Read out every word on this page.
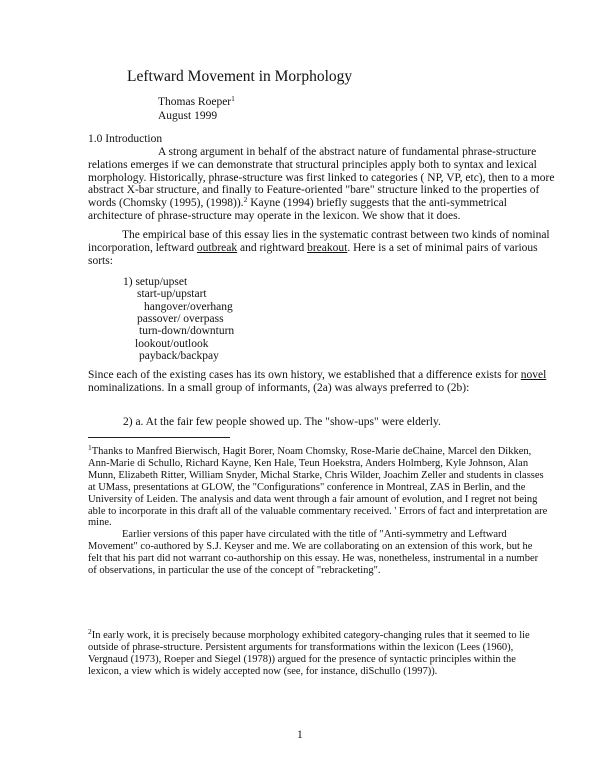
Leftward Movement in Morphology
Thomas Roeper$^1$
August 1999
1.0 Introduction

A strong argument in behalf of the abstract nature of fundamental phrase-structure relations emerges if we can demonstrate that structural principles apply both to syntax and lexical morphology. Historically, phrase-structure was first linked to categories ( NP, VP, etc), then to a more abstract X-bar structure, and finally to Feature-oriented "bare" structure linked to the properties of words (Chomsky (1995), (1998)).$^2$ Kayne (1994) briefly suggests that the anti-symmetrical architecture of phrase-structure may operate in the lexicon. We show that it does.

The empirical base of this essay lies in the systematic contrast between two kinds of nominal incorporation, leftward outbreak and rightward breakout. Here is a set of minimal pairs of various sorts:

1) setup/upset
start-up/upstart
hangover/overhang
passover/ overpass
turn-down/downturn
lookout/outlook
payback/backpay

Since each of the existing cases has its own history, we established that a difference exists for novel nominalizations. In a small group of informants, (2a) was always preferred to (2b):

2) a. At the fair few people showed up. The "show-ups" were elderly.

$^1$Thanks to Manfred Bierwisch, Hagit Borer, Noam Chomsky, Rose-Marie deChaine, Marcel den Dikken, Ann-Marie di Schullo, Richard Kayne, Ken Hale, Teun Hoekstra, Anders Holmberg, Kyle Johnson, Alan Munn, Elizabeth Ritter, William Snyder, Michal Starke, Chris Wilder, Joachim Zeller and students in classes at UMass, presentations at GLOW, the "Configurations" conference in Montreal, ZAS in Berlin, and the University of Leiden. The analysis and data went through a fair amount of evolution, and I regret not being able to incorporate in this draft all of the valuable commentary received. ' Errors of fact and interpretation are mine.

Earlier versions of this paper have circulated with the title of "Anti-symmetry and Leftward Movement" co-authored by S.J. Keyser and me. We are collaborating on an extension of this work, but he felt that his part did not warrant co-authorship on this essay. He was, nonetheless, instrumental in a number of observations, in particular the use of the concept of "rebracketing".

$^2$In early work, it is precisely because morphology exhibited category-changing rules that it seemed to lie outside of phrase-structure. Persistent arguments for transformations within the lexicon (Lees (1960), Vergnaud (1973), Roeper and Siegel (1978)) argued for the presence of syntactic principles within the lexicon, a view which is widely accepted now (see, for instance, diSchullo (1997)).

1
